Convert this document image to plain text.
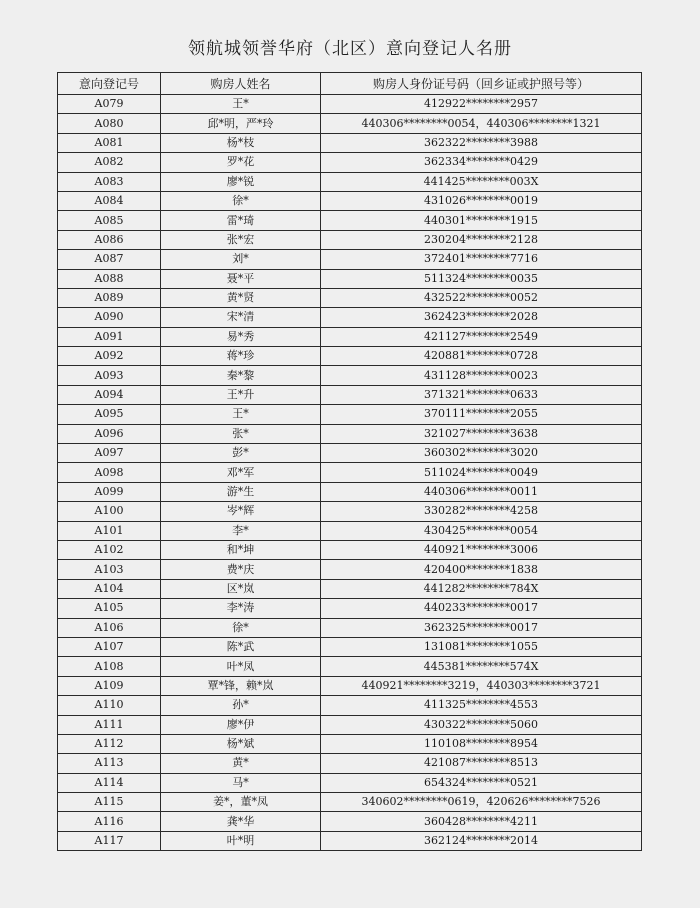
领航城领誉华府（北区）意向登记人名册
意向登记号	购房人姓名	购房人身份证号码（回乡证或护照号等）
A079	王*	412922********2957
A080	邱*明，严*玲	440306********0054，440306********1321
A081	杨*枝	362322********3988
A082	罗*花	362334********0429
A083	廖*锐	441425********003X
A084	徐*	431026********0019
A085	雷*琦	440301********1915
A086	张*宏	230204********2128
A087	刘*	372401********7716
A088	聂*平	511324********0035
A089	黄*贤	432522********0052
A090	宋*清	362423********2028
A091	易*秀	421127********2549
A092	蒋*珍	420881********0728
A093	秦*黎	431128********0023
A094	王*升	371321********0633
A095	王*	370111********2055
A096	张*	321027********3638
A097	彭*	360302********3020
A098	邓*军	511024********0049
A099	游*生	440306********0011
A100	岑*辉	330282********4258
A101	李*	430425********0054
A102	和*坤	440921********3006
A103	费*庆	420400********1838
A104	区*岚	441282********784X
A105	李*涛	440233********0017
A106	徐*	362325********0017
A107	陈*武	131081********1055
A108	叶*凤	445381********574X
A109	覃*锋，赖*岚	440921********3219，440303********3721
A110	孙*	411325********4553
A111	廖*伊	430322********5060
A112	杨*斌	110108********8954
A113	黄*	421087********8513
A114	马*	654324********0521
A115	姜*，董*凤	340602********0619，420626********7526
A116	龚*华	360428********4211
A117	叶*明	362124********2014
